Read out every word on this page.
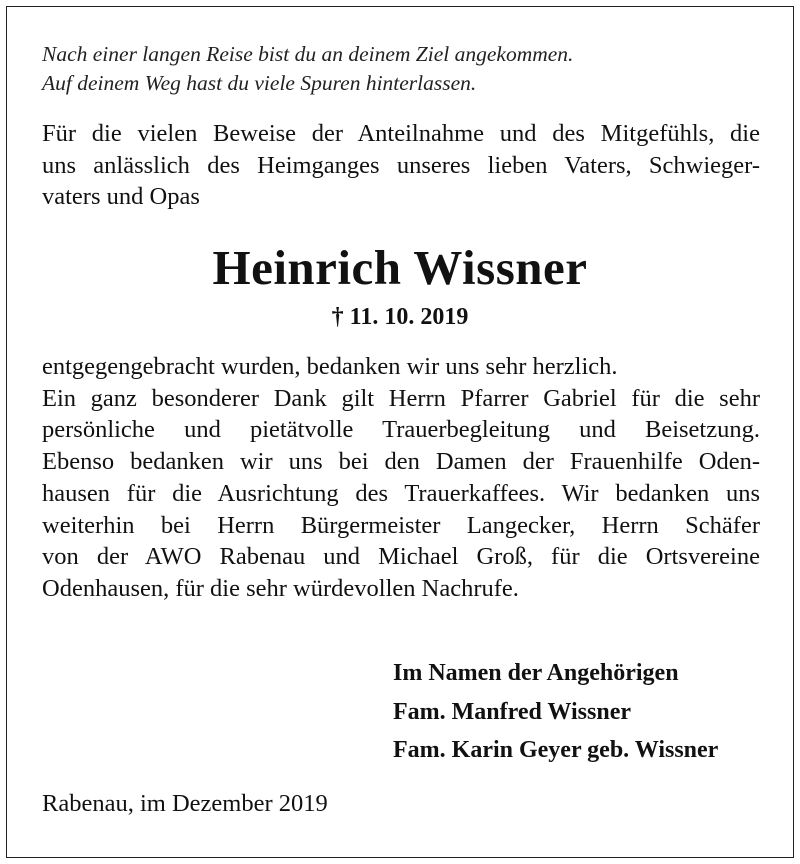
Nach einer langen Reise bist du an deinem Ziel angekommen.
Auf deinem Weg hast du viele Spuren hinterlassen.
Für die vielen Beweise der Anteilnahme und des Mitgefühls, die
uns anlässlich des Heimganges unseres lieben Vaters, Schwieger-
vaters und Opas
Heinrich Wissner
† 11. 10. 2019
entgegengebracht wurden, bedanken wir uns sehr herzlich.
Ein ganz besonderer Dank gilt Herrn Pfarrer Gabriel für die sehr
persönliche und pietätvolle Trauerbegleitung und Beisetzung.
Ebenso bedanken wir uns bei den Damen der Frauenhilfe Oden-
hausen für die Ausrichtung des Trauerkaffees. Wir bedanken uns
weiterhin bei Herrn Bürgermeister Langecker, Herrn Schäfer
von der AWO Rabenau und Michael Groß, für die Ortsvereine
Odenhausen, für die sehr würdevollen Nachrufe.
Im Namen der Angehörigen
Fam. Manfred Wissner
Fam. Karin Geyer geb. Wissner
Rabenau, im Dezember 2019
